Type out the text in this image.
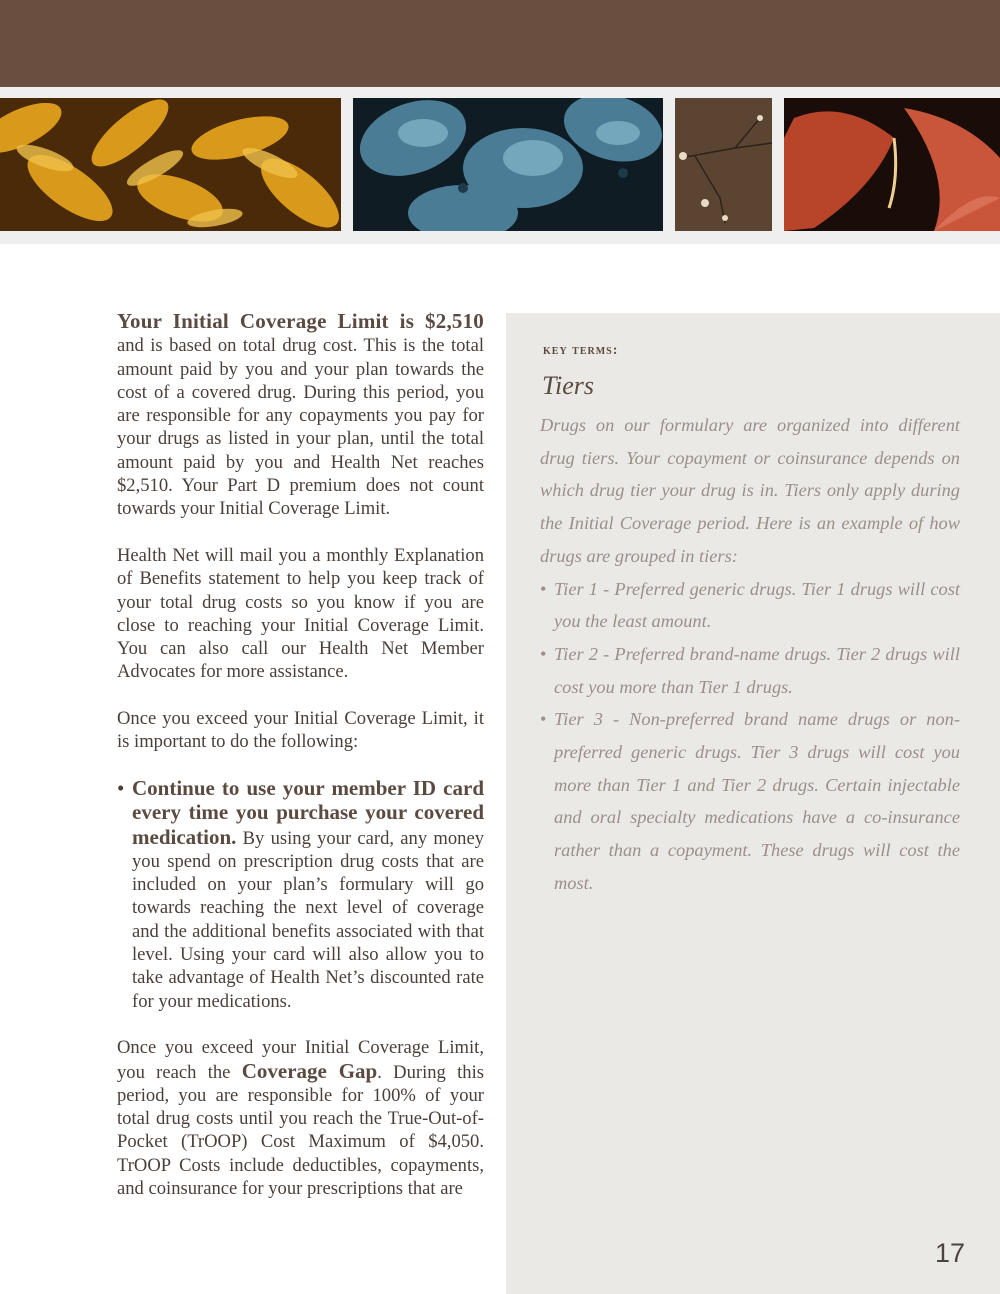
Your Initial Coverage Limit is $2,510 and is based on total drug cost. This is the total amount paid by you and your plan towards the cost of a covered drug. During this period, you are responsible for any copayments you pay for your drugs as listed in your plan, until the total amount paid by you and Health Net reaches $2,510. Your Part D premium does not count towards your Initial Coverage Limit.

Health Net will mail you a monthly Explanation of Benefits statement to help you keep track of your total drug costs so you know if you are close to reaching your Initial Coverage Limit. You can also call our Health Net Member Advocates for more assistance.

Once you exceed your Initial Coverage Limit, it is important to do the following:

• Continue to use your member ID card every time you purchase your covered medication. By using your card, any money you spend on prescription drug costs that are included on your plan’s formulary will go towards reaching the next level of coverage and the additional benefits associated with that level. Using your card will also allow you to take advantage of Health Net’s discounted rate for your medications.

Once you exceed your Initial Coverage Limit, you reach the Coverage Gap. During this period, you are responsible for 100% of your total drug costs until you reach the True-Out-of-Pocket (TrOOP) Cost Maximum of $4,050. TrOOP Costs include deductibles, copayments, and coinsurance for your prescriptions that are

key terms:
Tiers

Drugs on our formulary are organized into different drug tiers. Your copayment or coinsurance depends on which drug tier your drug is in. Tiers only apply during the Initial Coverage period. Here is an example of how drugs are grouped in tiers:

• Tier 1 - Preferred generic drugs. Tier 1 drugs will cost you the least amount.

• Tier 2 - Preferred brand-name drugs. Tier 2 drugs will cost you more than Tier 1 drugs.

• Tier 3 - Non-preferred brand name drugs or non-preferred generic drugs. Tier 3 drugs will cost you more than Tier 1 and Tier 2 drugs. Certain injectable and oral specialty medications have a co-insurance rather than a copayment. These drugs will cost the most.

17
